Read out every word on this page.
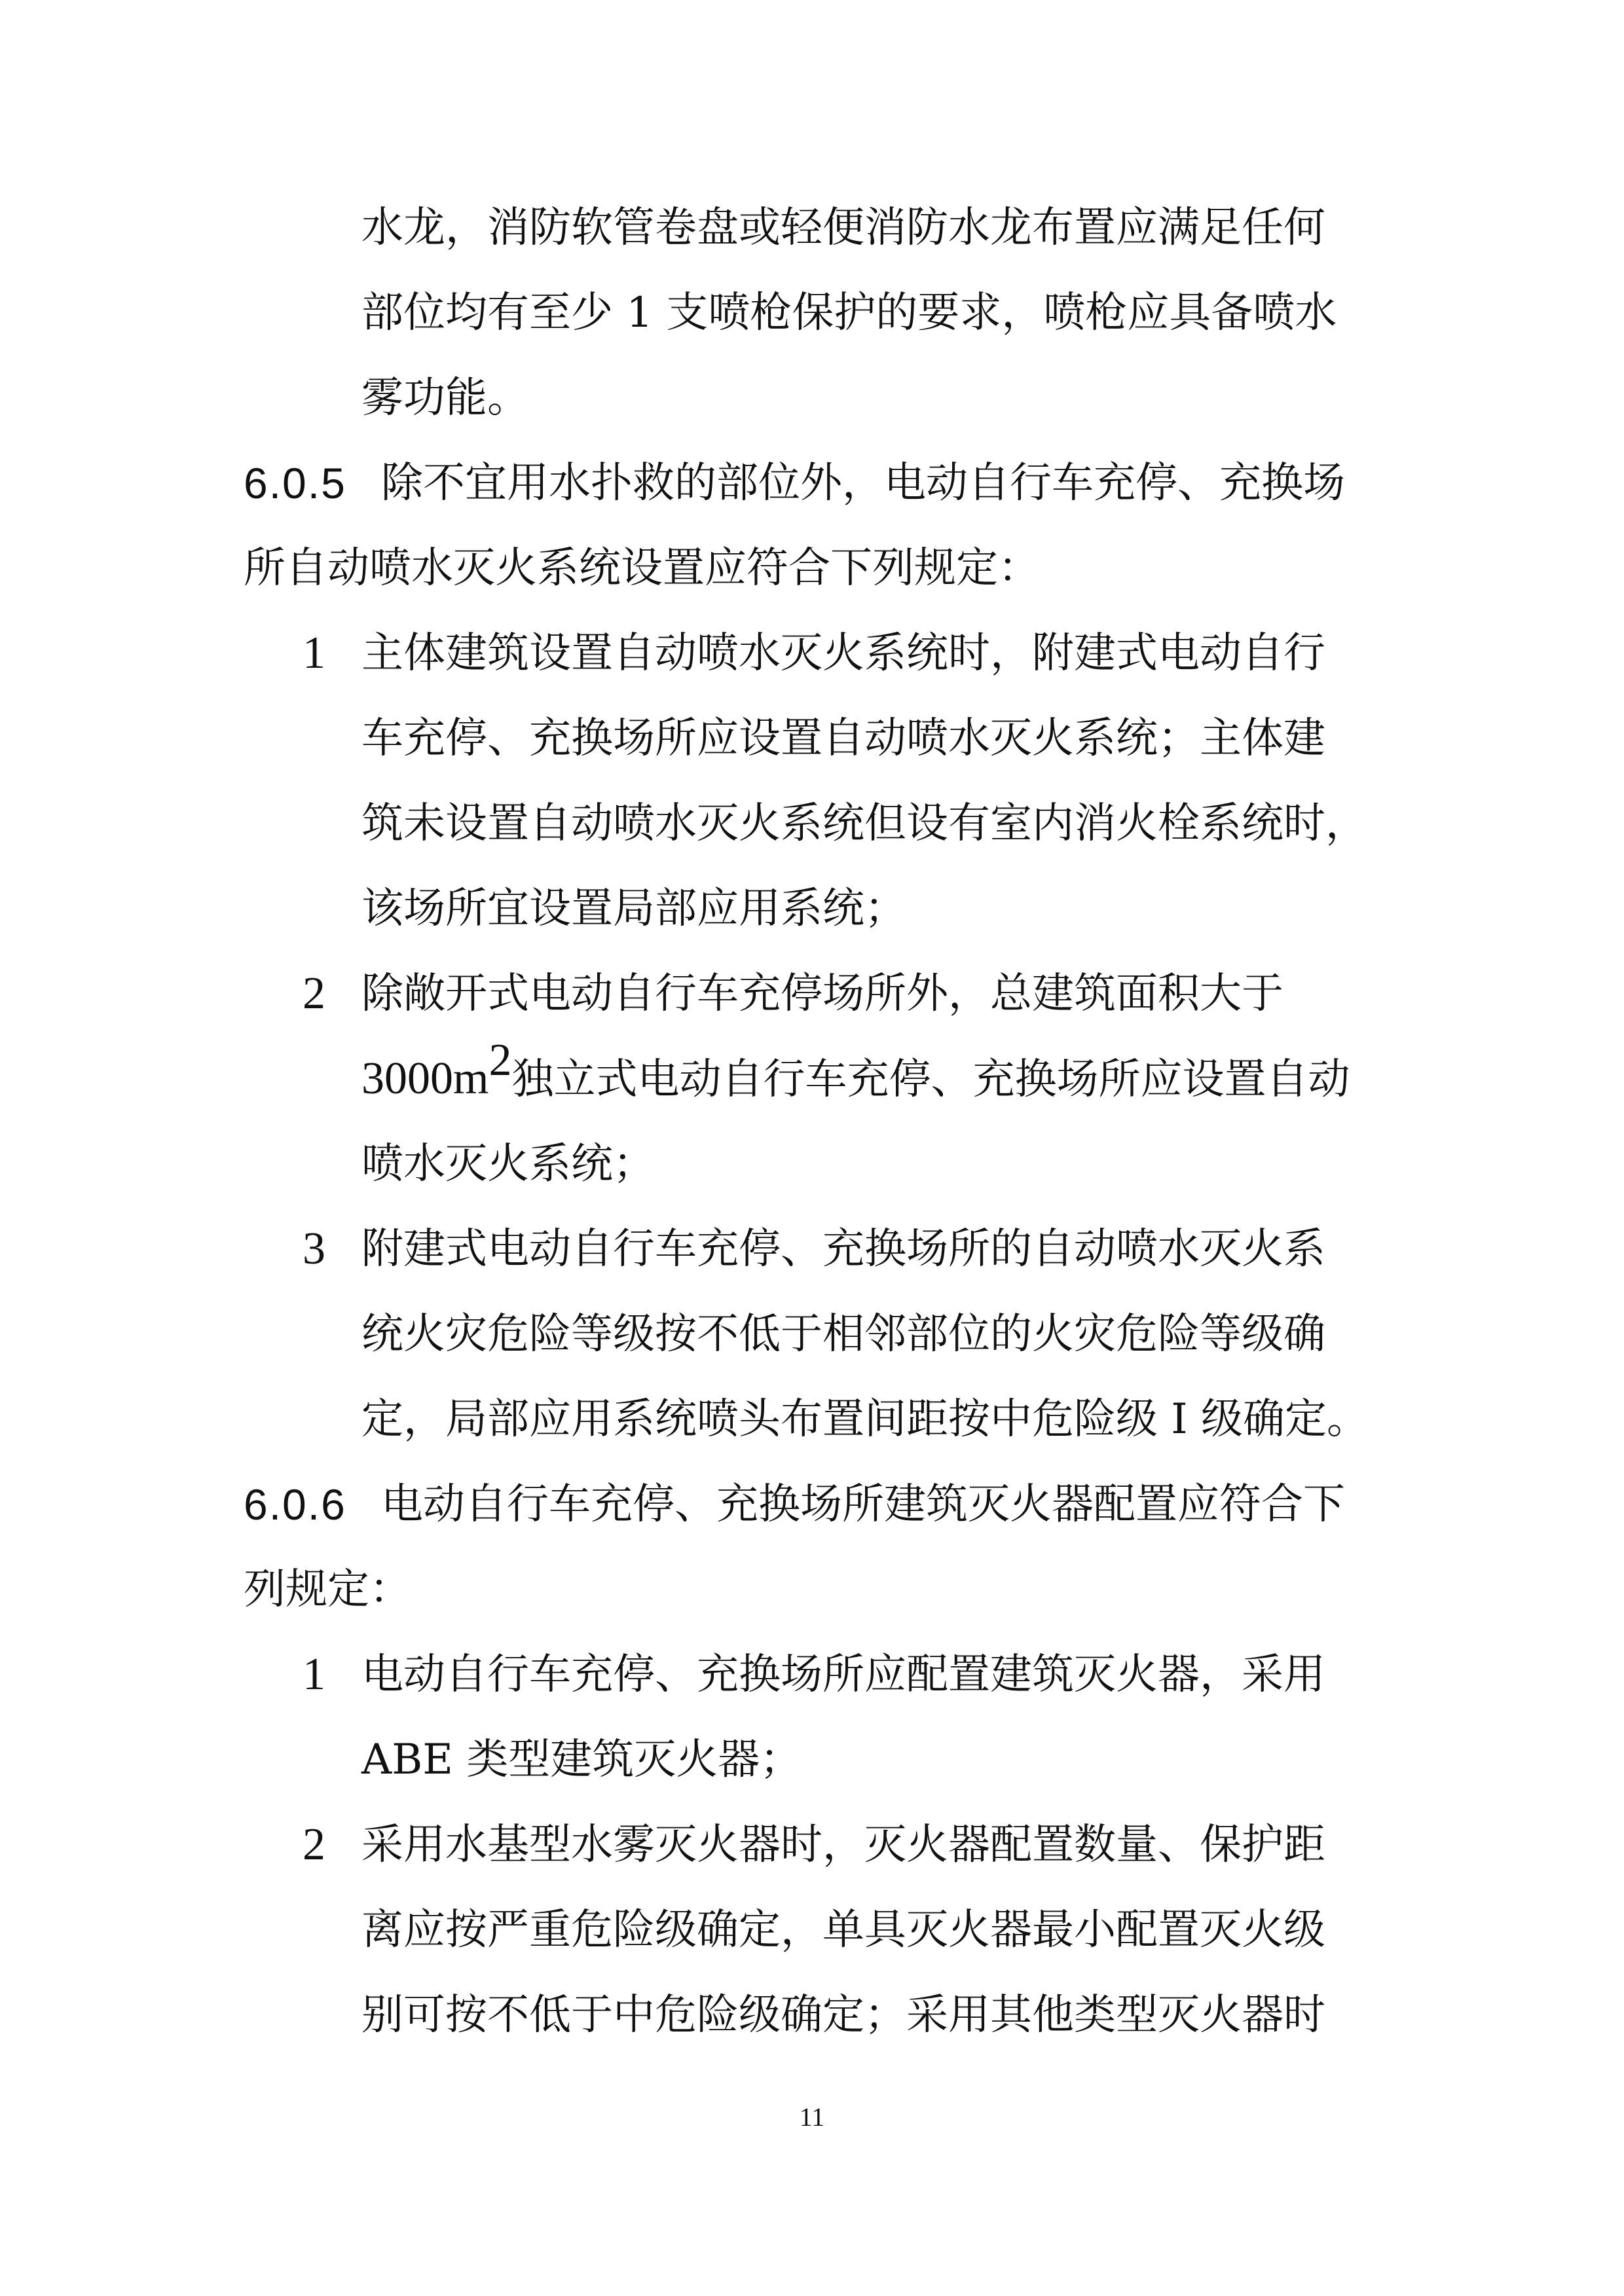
水龙，消防软管卷盘或轻便消防水龙布置应满足任何
部位均有至少 1 支喷枪保护的要求，喷枪应具备喷水
雾功能。
6.0.5 除不宜用水扑救的部位外，电动自行车充停、充换场
所自动喷水灭火系统设置应符合下列规定：
1 主体建筑设置自动喷水灭火系统时，附建式电动自行
车充停、充换场所应设置自动喷水灭火系统；主体建
筑未设置自动喷水灭火系统但设有室内消火栓系统时，
该场所宜设置局部应用系统；
2 除敞开式电动自行车充停场所外，总建筑面积大于
$3000m^2$独立式电动自行车充停、充换场所应设置自动
喷水灭火系统；
3 附建式电动自行车充停、充换场所的自动喷水灭火系
统火灾危险等级按不低于相邻部位的火灾危险等级确
定，局部应用系统喷头布置间距按中危险级 I 级确定。
6.0.6 电动自行车充停、充换场所建筑灭火器配置应符合下
列规定：
1 电动自行车充停、充换场所应配置建筑灭火器，采用
ABE 类型建筑灭火器；
2 采用水基型水雾灭火器时，灭火器配置数量、保护距
离应按严重危险级确定，单具灭火器最小配置灭火级
别可按不低于中危险级确定；采用其他类型灭火器时
11
